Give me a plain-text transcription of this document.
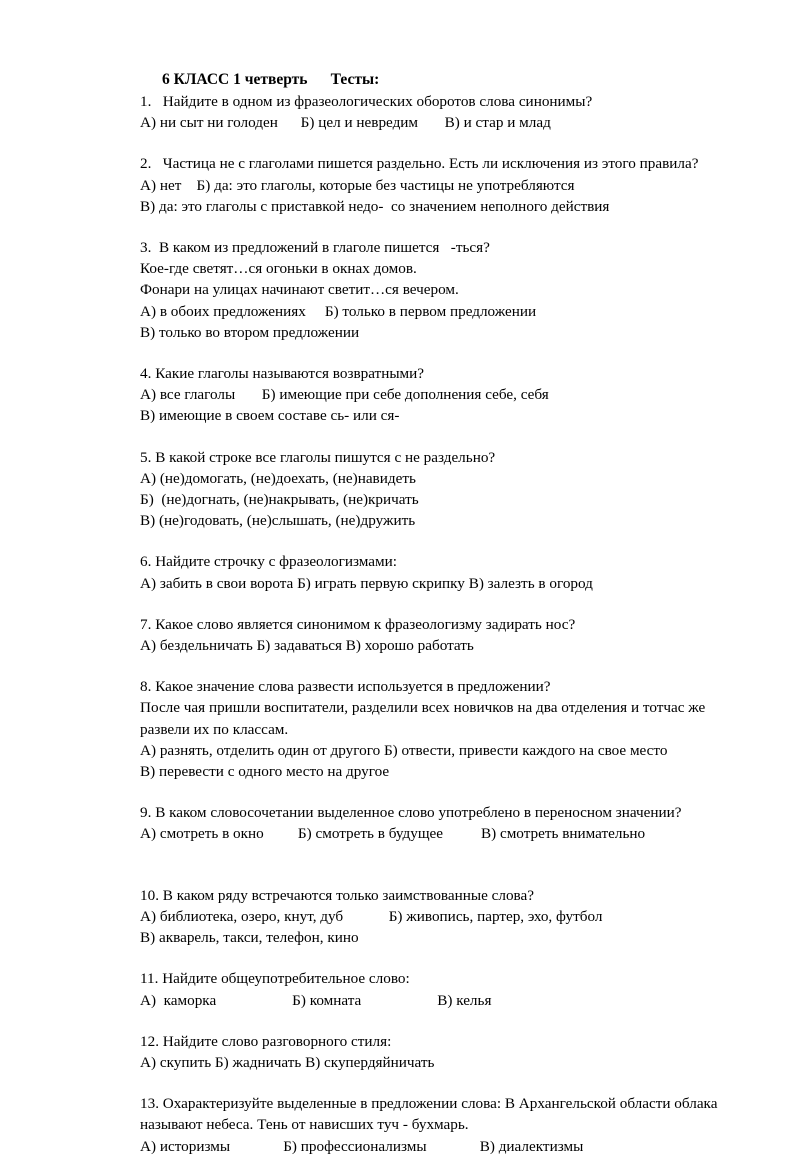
6 КЛАСС 1 четверть      Тесты:
1.   Найдите в одном из фразеологических оборотов слова синонимы?
А) ни сыт ни голоден      Б) цел и невредим       В) и стар и млад
2.   Частица не с глаголами пишется раздельно. Есть ли исключения из этого правила?
А) нет    Б) да: это глаголы, которые без частицы не употребляются
В) да: это глаголы с приставкой недо-  со значением неполного действия
3.  В каком из предложений в глаголе пишется   -ться?
Кое-где светят…ся огоньки в окнах домов.
Фонари на улицах начинают светит…ся вечером.
А) в обоих предложениях     Б) только в первом предложении
В) только во втором предложении
4. Какие глаголы называются возвратными?
А) все глаголы       Б) имеющие при себе дополнения себе, себя
В) имеющие в своем составе сь- или ся-
5. В какой строке все глаголы пишутся с не раздельно?
А) (не)домогать, (не)доехать, (не)навидеть
Б)  (не)догнать, (не)накрывать, (не)кричать
В) (не)годовать, (не)слышать, (не)дружить
6. Найдите строчку с фразеологизмами:
А) забить в свои ворота Б) играть первую скрипку В) залезть в огород
7. Какое слово является синонимом к фразеологизму задирать нос?
А) бездельничать Б) задаваться В) хорошо работать
8. Какое значение слова развести используется в предложении?
После чая пришли воспитатели, разделили всех новичков на два отделения и тотчас же развели их по классам.
А) разнять, отделить один от другого Б) отвести, привести каждого на свое место
В) перевести с одного место на другое
9. В каком словосочетании выделенное слово употреблено в переносном значении?
А) смотреть в окно         Б) смотреть в будущее          В) смотреть внимательно
10. В каком ряду встречаются только заимствованные слова?
А) библиотека, озеро, кнут, дуб            Б) живопись, партер, эхо, футбол
В) акварель, такси, телефон, кино
11. Найдите общеупотребительное слово:
А)  каморка                    Б) комната                    В) келья
12. Найдите слово разговорного стиля:
А) скупить Б) жадничать В) скупердяйничать
13. Охарактеризуйте выделенные в предложении слова: В Архангельской области облака называют небеса. Тень от нависших туч - бухмарь.
А) историзмы              Б) профессионализмы              В) диалектизмы
